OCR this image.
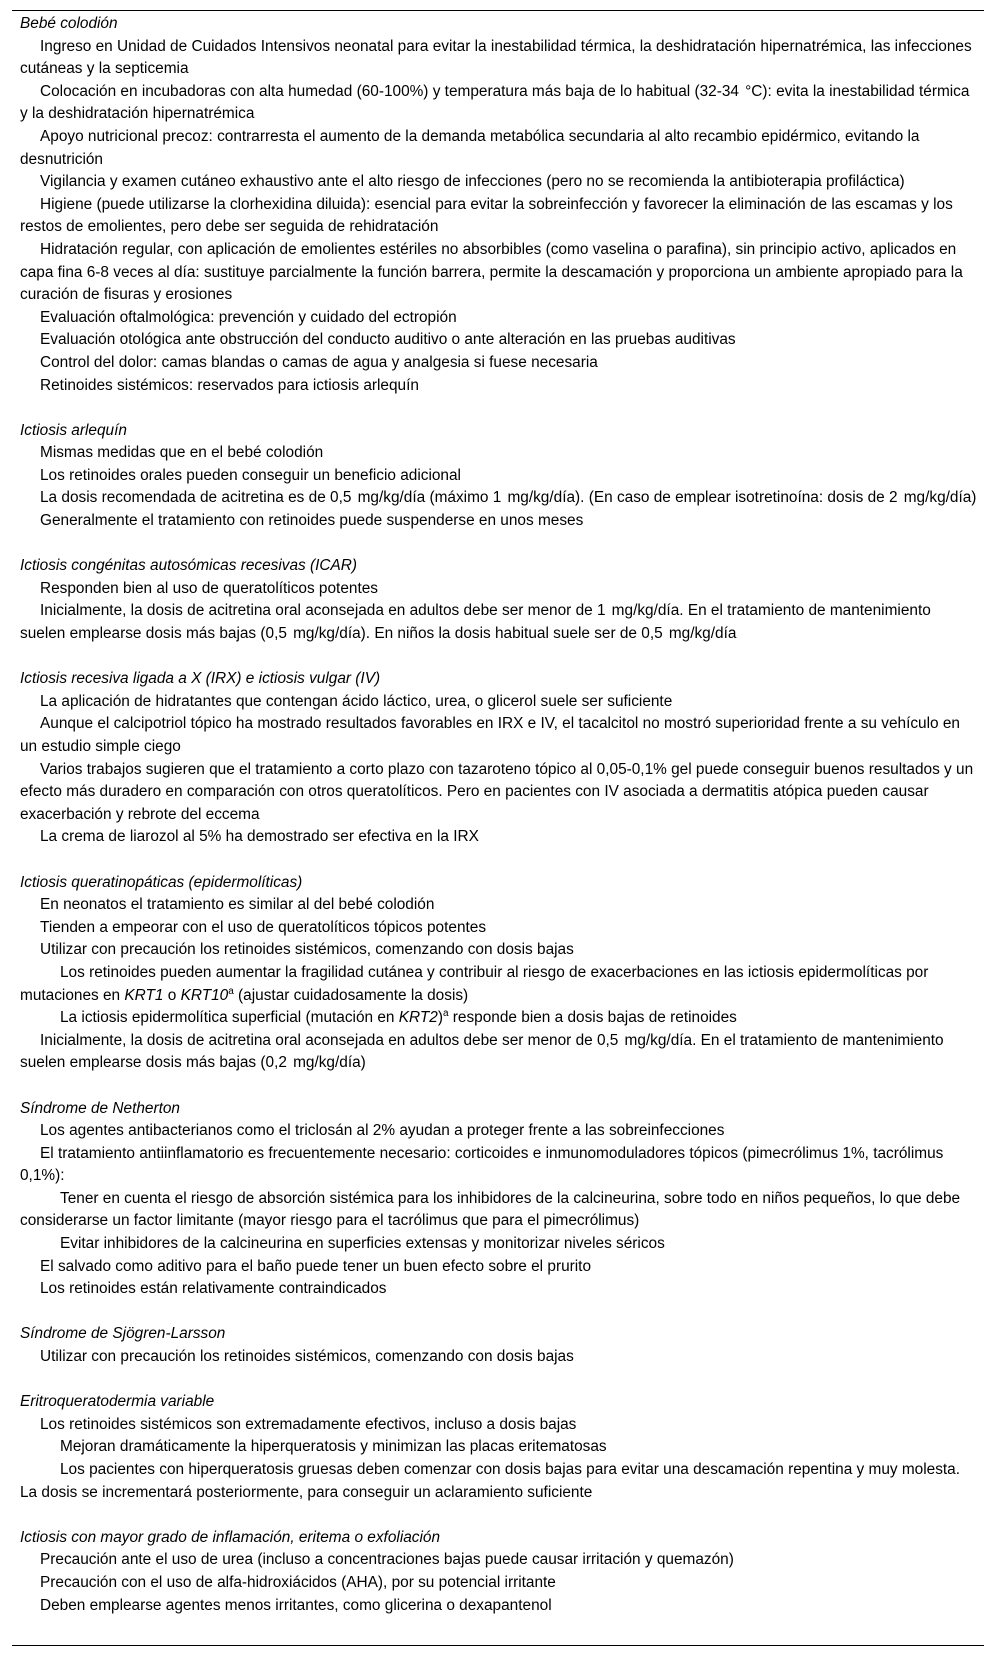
Bebé colodión
Ingreso en Unidad de Cuidados Intensivos neonatal para evitar la inestabilidad térmica, la deshidratación hipernatrémica, las infecciones cutáneas y la septicemia
Colocación en incubadoras con alta humedad (60-100%) y temperatura más baja de lo habitual (32-34  °C): evita la inestabilidad térmica y la deshidratación hipernatrémica
Apoyo nutricional precoz: contrarresta el aumento de la demanda metabólica secundaria al alto recambio epidérmico, evitando la desnutrición
Vigilancia y examen cutáneo exhaustivo ante el alto riesgo de infecciones (pero no se recomienda la antibioterapia profiláctica)
Higiene (puede utilizarse la clorhexidina diluida): esencial para evitar la sobreinfección y favorecer la eliminación de las escamas y los restos de emolientes, pero debe ser seguida de rehidratación
Hidratación regular, con aplicación de emolientes estériles no absorbibles (como vaselina o parafina), sin principio activo, aplicados en capa fina 6-8 veces al día: sustituye parcialmente la función barrera, permite la descamación y proporciona un ambiente apropiado para la curación de fisuras y erosiones
Evaluación oftalmológica: prevención y cuidado del ectropión
Evaluación otológica ante obstrucción del conducto auditivo o ante alteración en las pruebas auditivas
Control del dolor: camas blandas o camas de agua y analgesia si fuese necesaria
Retinoides sistémicos: reservados para ictiosis arlequín
Ictiosis arlequín
Mismas medidas que en el bebé colodión
Los retinoides orales pueden conseguir un beneficio adicional
La dosis recomendada de acitretina es de 0,5  mg/kg/día (máximo 1  mg/kg/día). (En caso de emplear isotretinoína: dosis de 2  mg/kg/día)
Generalmente el tratamiento con retinoides puede suspenderse en unos meses
Ictiosis congénitas autosómicas recesivas (ICAR)
Responden bien al uso de queratolíticos potentes
Inicialmente, la dosis de acitretina oral aconsejada en adultos debe ser menor de 1  mg/kg/día. En el tratamiento de mantenimiento suelen emplearse dosis más bajas (0,5  mg/kg/día). En niños la dosis habitual suele ser de 0,5  mg/kg/día
Ictiosis recesiva ligada a X (IRX) e ictiosis vulgar (IV)
La aplicación de hidratantes que contengan ácido láctico, urea, o glicerol suele ser suficiente
Aunque el calcipotriol tópico ha mostrado resultados favorables en IRX e IV, el tacalcitol no mostró superioridad frente a su vehículo en un estudio simple ciego
Varios trabajos sugieren que el tratamiento a corto plazo con tazaroteno tópico al 0,05-0,1% gel puede conseguir buenos resultados y un efecto más duradero en comparación con otros queratolíticos. Pero en pacientes con IV asociada a dermatitis atópica pueden causar exacerbación y rebrote del eccema
La crema de liarozol al 5% ha demostrado ser efectiva en la IRX
Ictiosis queratinopáticas (epidermolíticas)
En neonatos el tratamiento es similar al del bebé colodión
Tienden a empeorar con el uso de queratolíticos tópicos potentes
Utilizar con precaución los retinoides sistémicos, comenzando con dosis bajas
Los retinoides pueden aumentar la fragilidad cutánea y contribuir al riesgo de exacerbaciones en las ictiosis epidermolíticas por mutaciones en KRT1 o KRT10$^a$ (ajustar cuidadosamente la dosis)
La ictiosis epidermolítica superficial (mutación en KRT2)$^a$ responde bien a dosis bajas de retinoides
Inicialmente, la dosis de acitretina oral aconsejada en adultos debe ser menor de 0,5  mg/kg/día. En el tratamiento de mantenimiento suelen emplearse dosis más bajas (0,2  mg/kg/día)
Síndrome de Netherton
Los agentes antibacterianos como el triclosán al 2% ayudan a proteger frente a las sobreinfecciones
El tratamiento antiinflamatorio es frecuentemente necesario: corticoides e inmunomoduladores tópicos (pimecrólimus 1%, tacrólimus 0,1%):
Tener en cuenta el riesgo de absorción sistémica para los inhibidores de la calcineurina, sobre todo en niños pequeños, lo que debe considerarse un factor limitante (mayor riesgo para el tacrólimus que para el pimecrólimus)
Evitar inhibidores de la calcineurina en superficies extensas y monitorizar niveles séricos
El salvado como aditivo para el baño puede tener un buen efecto sobre el prurito
Los retinoides están relativamente contraindicados
Síndrome de Sjögren-Larsson
Utilizar con precaución los retinoides sistémicos, comenzando con dosis bajas
Eritroqueratodermia variable
Los retinoides sistémicos son extremadamente efectivos, incluso a dosis bajas
Mejoran dramáticamente la hiperqueratosis y minimizan las placas eritematosas
Los pacientes con hiperqueratosis gruesas deben comenzar con dosis bajas para evitar una descamación repentina y muy molesta. La dosis se incrementará posteriormente, para conseguir un aclaramiento suficiente
Ictiosis con mayor grado de inflamación, eritema o exfoliación
Precaución ante el uso de urea (incluso a concentraciones bajas puede causar irritación y quemazón)
Precaución con el uso de alfa-hidroxiácidos (AHA), por su potencial irritante
Deben emplearse agentes menos irritantes, como glicerina o dexapantenol
